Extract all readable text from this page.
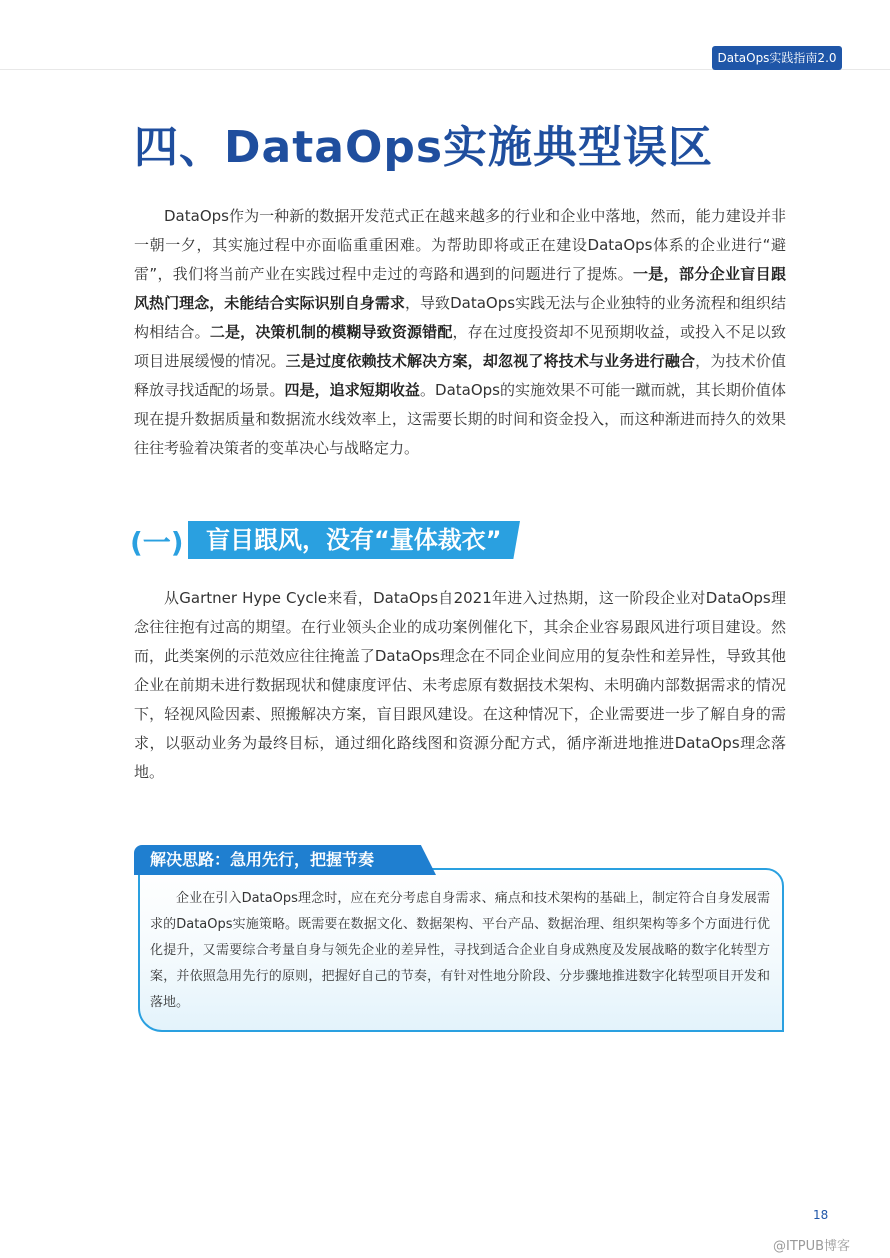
DataOps实践指南2.0
四、DataOps实施典型误区

DataOps作为一种新的数据开发范式正在越来越多的行业和企业中落地，然而，能力建设并非一朝一夕，其实施过程中亦面临重重困难。为帮助即将或正在建设DataOps体系的企业进行“避雷”，我们将当前产业在实践过程中走过的弯路和遇到的问题进行了提炼。一是，部分企业盲目跟风热门理念，未能结合实际识别自身需求，导致DataOps实践无法与企业独特的业务流程和组织结构相结合。二是，决策机制的模糊导致资源错配，存在过度投资却不见预期收益，或投入不足以致项目进展缓慢的情况。三是过度依赖技术解决方案，却忽视了将技术与业务进行融合，为技术价值释放寻找适配的场景。四是，追求短期收益。DataOps的实施效果不可能一蹴而就，其长期价值体现在提升数据质量和数据流水线效率上，这需要长期的时间和资金投入，而这种渐进而持久的效果往往考验着决策者的变革决心与战略定力。

(一) 盲目跟风，没有“量体裁衣”

从Gartner Hype Cycle来看，DataOps自2021年进入过热期，这一阶段企业对DataOps理念往往抱有过高的期望。在行业领头企业的成功案例催化下，其余企业容易跟风进行项目建设。然而，此类案例的示范效应往往掩盖了DataOps理念在不同企业间应用的复杂性和差异性，导致其他企业在前期未进行数据现状和健康度评估、未考虑原有数据技术架构、未明确内部数据需求的情况下，轻视风险因素、照搬解决方案，盲目跟风建设。在这种情况下，企业需要进一步了解自身的需求，以驱动业务为最终目标，通过细化路线图和资源分配方式，循序渐进地推进DataOps理念落地。

解决思路：急用先行，把握节奏

企业在引入DataOps理念时，应在充分考虑自身需求、痛点和技术架构的基础上，制定符合自身发展需求的DataOps实施策略。既需要在数据文化、数据架构、平台产品、数据治理、组织架构等多个方面进行优化提升，又需要综合考量自身与领先企业的差异性，寻找到适合企业自身成熟度及发展战略的数字化转型方案，并依照急用先行的原则，把握好自己的节奏，有针对性地分阶段、分步骤地推进数字化转型项目开发和落地。

18
@ITPUB博客
